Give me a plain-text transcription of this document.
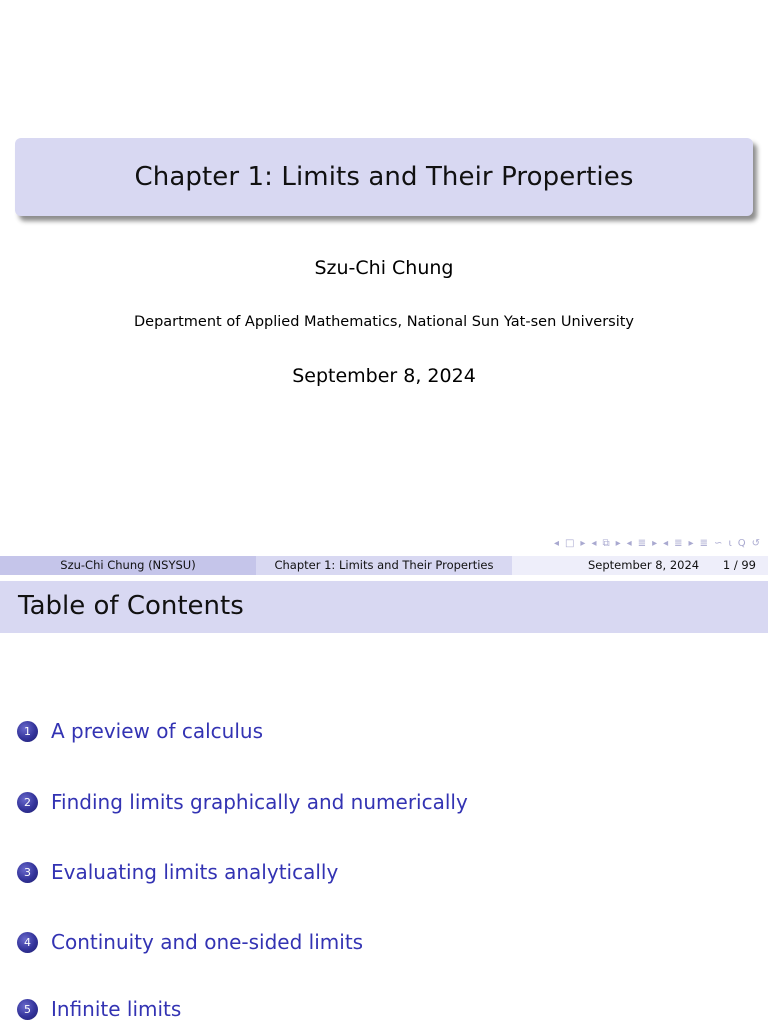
Chapter 1: Limits and Their Properties
Szu-Chi Chung
Department of Applied Mathematics, National Sun Yat-sen University
September 8, 2024
◂ □ ▸ ◂ ⧉ ▸ ◂ ≣ ▸ ◂ ≣ ▸ ≣ ∽ ⍳ Q ↺
Szu-Chi Chung (NSYSU)	Chapter 1: Limits and Their Properties	September 8, 2024 1 / 99
Table of Contents
1	A preview of calculus
2	Finding limits graphically and numerically
3	Evaluating limits analytically
4	Continuity and one-sided limits
5	Infinite limits
